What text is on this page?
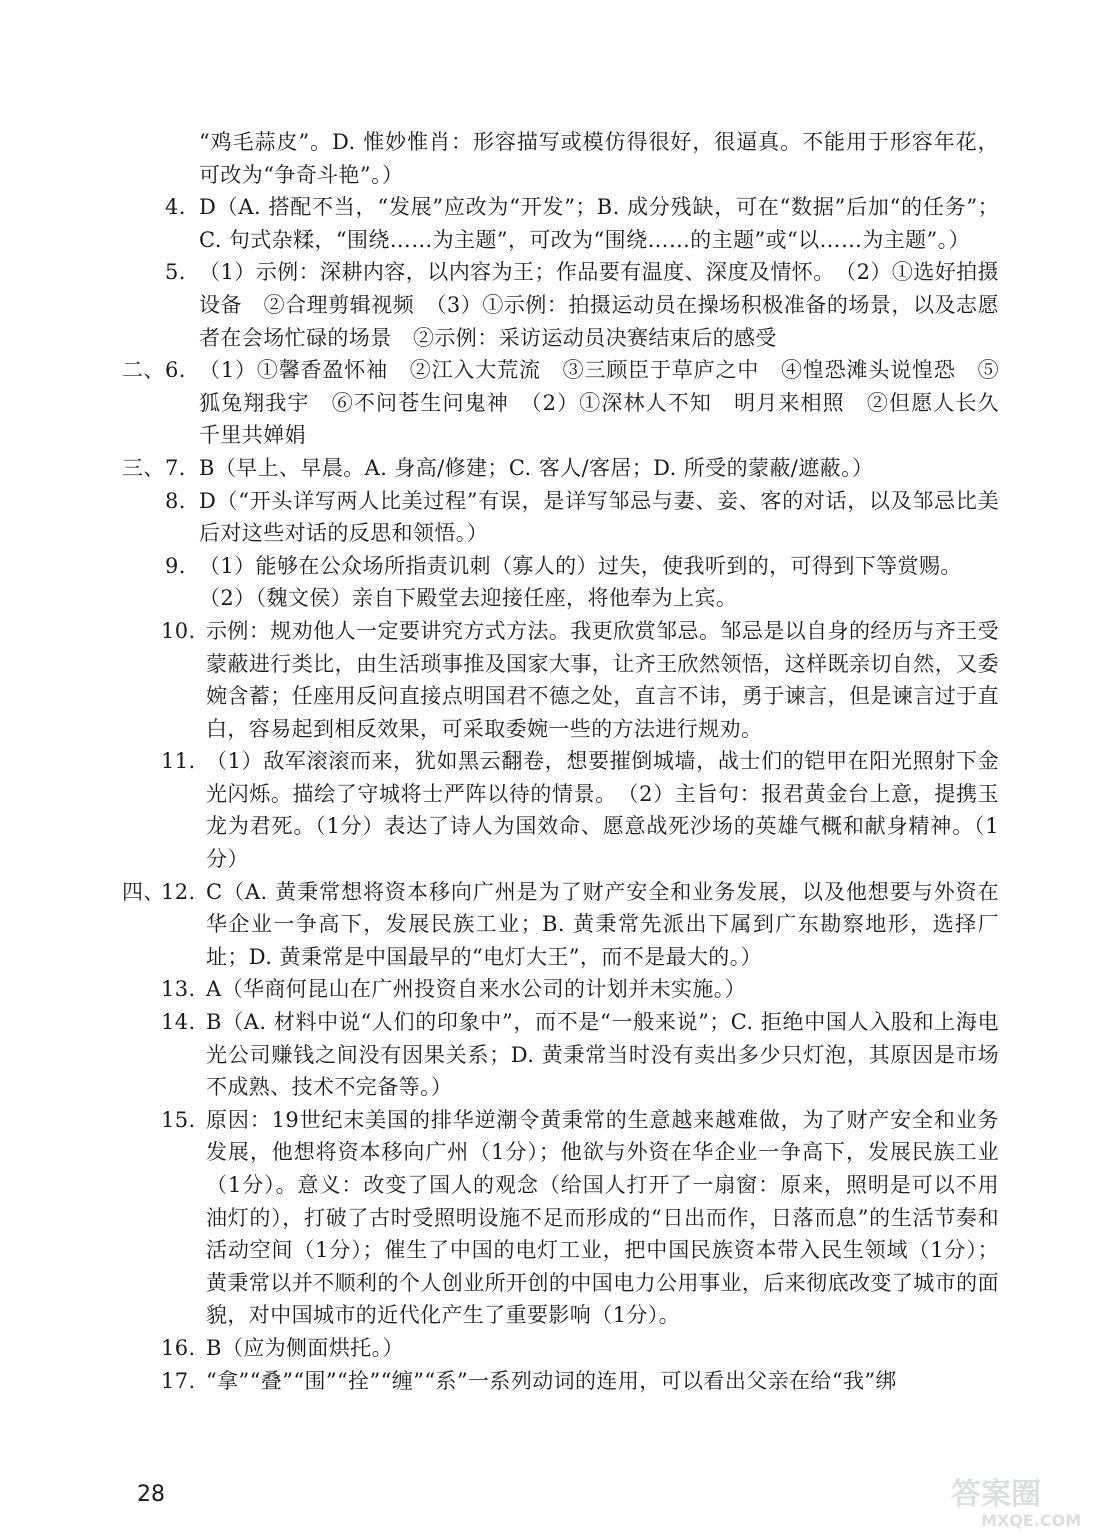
“鸡毛蒜皮”。D. 惟妙惟肖：形容描写或模仿得很好，很逼真。不能用于形容年花，可改为“争奇斗艳”。）
4. D（A. 搭配不当，“发展”应改为“开发”；B. 成分残缺，可在“数据”后加“的任务”；C. 句式杂糅，“围绕……为主题”，可改为“围绕……的主题”或“以……为主题”。）
5. （1）示例：深耕内容，以内容为王；作品要有温度、深度及情怀。　（2）①选好拍摄设备　②合理剪辑视频　（3）①示例：拍摄运动员在操场积极准备的场景，以及志愿者在会场忙碌的场景　②示例：采访运动员决赛结束后的感受
二、 6. （1）①馨香盈怀袖　②江入大荒流　③三顾臣于草庐之中　④惶恐滩头说惶恐　⑤狐兔翔我宇　⑥不问苍生问鬼神　（2）①深林人不知　明月来相照　②但愿人长久　千里共婵娟
三、 7. B（早上、早晨。A. 身高/修建；C. 客人/客居；D. 所受的蒙蔽/遮蔽。）
8. D（“开头详写两人比美过程”有误，是详写邹忌与妻、妾、客的对话，以及邹忌比美后对这些对话的反思和领悟。）
9. （1）能够在公众场所指责讥刺（寡人的）过失，使我听到的，可得到下等赏赐。
（2）（魏文侯）亲自下殿堂去迎接任座，将他奉为上宾。
10. 示例：规劝他人一定要讲究方式方法。我更欣赏邹忌。邹忌是以自身的经历与齐王受蒙蔽进行类比，由生活琐事推及国家大事，让齐王欣然领悟，这样既亲切自然，又委婉含蓄；任座用反问直接点明国君不德之处，直言不讳，勇于谏言，但是谏言过于直白，容易起到相反效果，可采取委婉一些的方法进行规劝。
11. （1）敌军滚滚而来，犹如黑云翻卷，想要摧倒城墙，战士们的铠甲在阳光照射下金光闪烁。描绘了守城将士严阵以待的情景。　（2）主旨句：报君黄金台上意，提携玉龙为君死。（1分）表达了诗人为国效命、愿意战死沙场的英雄气概和献身精神。（1分）
四、
12. C（A. 黄秉常想将资本移向广州是为了财产安全和业务发展，以及他想要与外资在华企业一争高下，发展民族工业；B. 黄秉常先派出下属到广东勘察地形，选择厂址；D. 黄秉常是中国最早的“电灯大王”，而不是最大的。）
13. A（华商何昆山在广州投资自来水公司的计划并未实施。）
14. B（A. 材料中说“人们的印象中”，而不是“一般来说”；C. 拒绝中国人入股和上海电光公司赚钱之间没有因果关系；D. 黄秉常当时没有卖出多少只灯泡，其原因是市场不成熟、技术不完备等。）
15. 原因：19世纪末美国的排华逆潮令黄秉常的生意越来越难做，为了财产安全和业务发展，他想将资本移向广州（1分）；他欲与外资在华企业一争高下，发展民族工业（1分）。意义：改变了国人的观念（给国人打开了一扇窗：原来，照明是可以不用油灯的），打破了古时受照明设施不足而形成的“日出而作，日落而息”的生活节奏和活动空间（1分）；催生了中国的电灯工业，把中国民族资本带入民生领域（1分）；黄秉常以并不顺利的个人创业所开创的中国电力公用事业，后来彻底改变了城市的面貌，对中国城市的近代化产生了重要影响（1分）。
16. B（应为侧面烘托。）
17. “拿”“叠”“围”“拴”“缠”“系”一系列动词的连用，可以看出父亲在给“我”绑
28	答案圈
MXQE.COM
